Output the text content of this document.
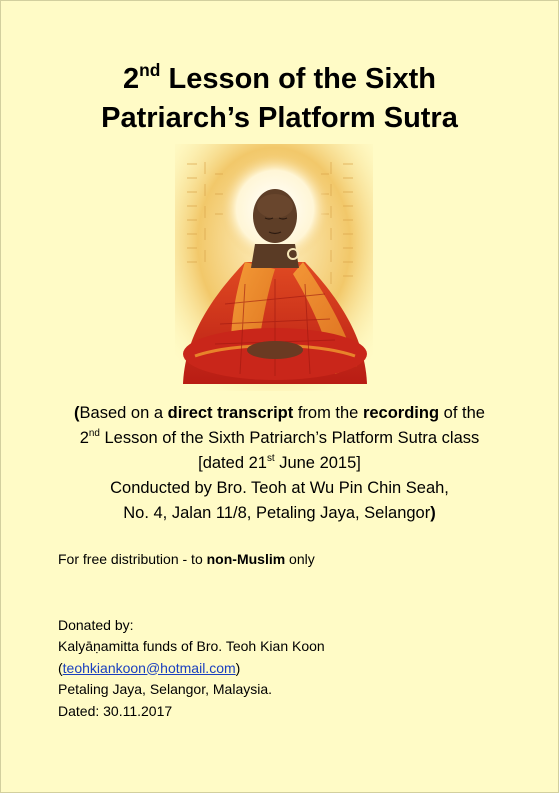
2nd Lesson of the Sixth
Patriarch’s Platform Sutra
(Based on a direct transcript from the recording of the
2nd Lesson of the Sixth Patriarch’s Platform Sutra class
[dated 21st June 2015]
Conducted by Bro. Teoh at Wu Pin Chin Seah,
No. 4, Jalan 11/8, Petaling Jaya, Selangor)
For free distribution - to non-Muslim only
Donated by:
Kalyāṇamitta funds of Bro. Teoh Kian Koon
(teohkiankoon@hotmail.com)
Petaling Jaya, Selangor, Malaysia.
Dated: 30.11.2017
